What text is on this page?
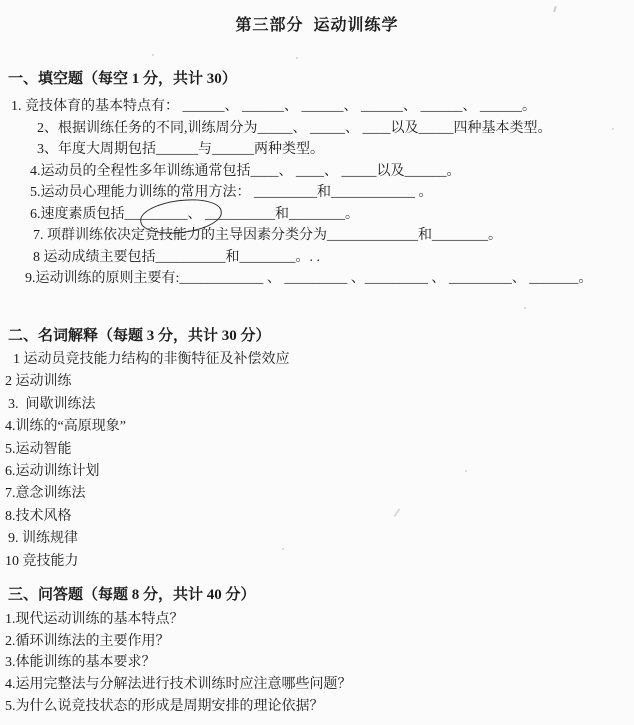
第三部分  运动训练学
一、填空题（每空 1 分，共计 30）
1. 竞技体育的基本特点有： ______、 ______、 ______、 ______、 ______、 ______。
2、根据训练任务的不同,训练周分为_____、 _____、 ____以及_____四种基本类型。
3、年度大周期包括______与______两种类型。
4.运动员的全程性多年训练通常包括____、 ____、 _____以及______。
5.运动员心理能力训练的常用方法： _________和____________ 。
6.速度素质包括_________、 __________和________。
7. 项群训练依决定竞技能力的主导因素分类分为_____________和________。
8 运动成绩主要包括__________和________。. .
9.运动训练的原则主要有:____________ 、 _________ 、_________ 、 _________、 _______。
二、名词解释（每题 3 分，共计 30 分）
1 运动员竞技能力结构的非衡特征及补偿效应
2 运动训练
3.  间歇训练法
4.训练的“高原现象”
5.运动智能
6.运动训练计划
7.意念训练法
8.技术风格
9. 训练规律
10 竞技能力
三、问答题（每题 8 分，共计 40 分）
1.现代运动训练的基本特点？
2.循环训练法的主要作用？
3.体能训练的基本要求？
4.运用完整法与分解法进行技术训练时应注意哪些问题？
5.为什么说竞技状态的形成是周期安排的理论依据？
